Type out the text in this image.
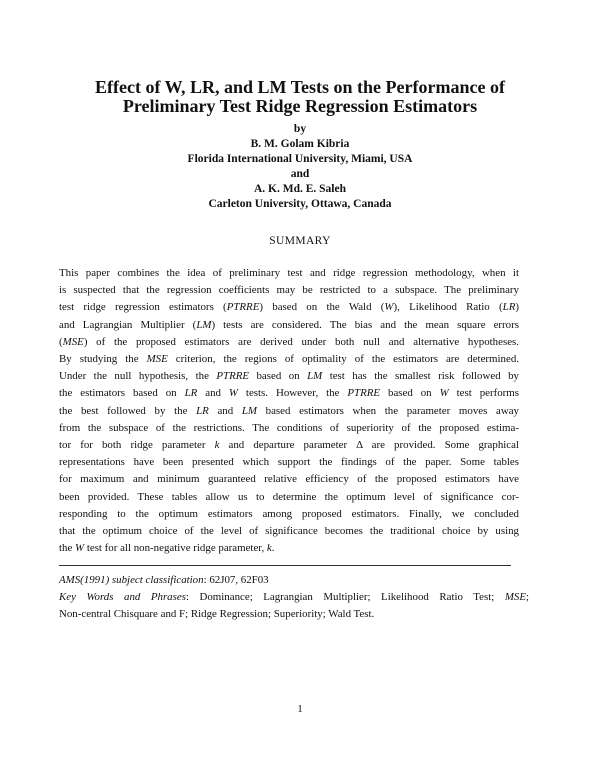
Effect of W, LR, and LM Tests on the Performance of
Preliminary Test Ridge Regression Estimators
by
B. M. Golam Kibria
Florida International University, Miami, USA
and
A. K. Md. E. Saleh
Carleton University, Ottawa, Canada
SUMMARY
This paper combines the idea of preliminary test and ridge regression methodology, when it
is suspected that the regression coefficients may be restricted to a subspace. The preliminary
test ridge regression estimators (PTRRE) based on the Wald (W), Likelihood Ratio (LR)
and Lagrangian Multiplier (LM) tests are considered. The bias and the mean square errors
(MSE) of the proposed estimators are derived under both null and alternative hypotheses.
By studying the MSE criterion, the regions of optimality of the estimators are determined.
Under the null hypothesis, the PTRRE based on LM test has the smallest risk followed by
the estimators based on LR and W tests. However, the PTRRE based on W test performs
the best followed by the LR and LM based estimators when the parameter moves away
from the subspace of the restrictions. The conditions of superiority of the proposed estima-
tor for both ridge parameter k and departure parameter Δ are provided. Some graphical
representations have been presented which support the findings of the paper. Some tables
for maximum and minimum guaranteed relative efficiency of the proposed estimators have
been provided. These tables allow us to determine the optimum level of significance cor-
responding to the optimum estimators among proposed estimators. Finally, we concluded
that the optimum choice of the level of significance becomes the traditional choice by using
the W test for all non-negative ridge parameter, k.
AMS(1991) subject classification: 62J07, 62F03
Key Words and Phrases: Dominance; Lagrangian Multiplier; Likelihood Ratio Test; MSE;
Non-central Chisquare and F; Ridge Regression; Superiority; Wald Test.
1
